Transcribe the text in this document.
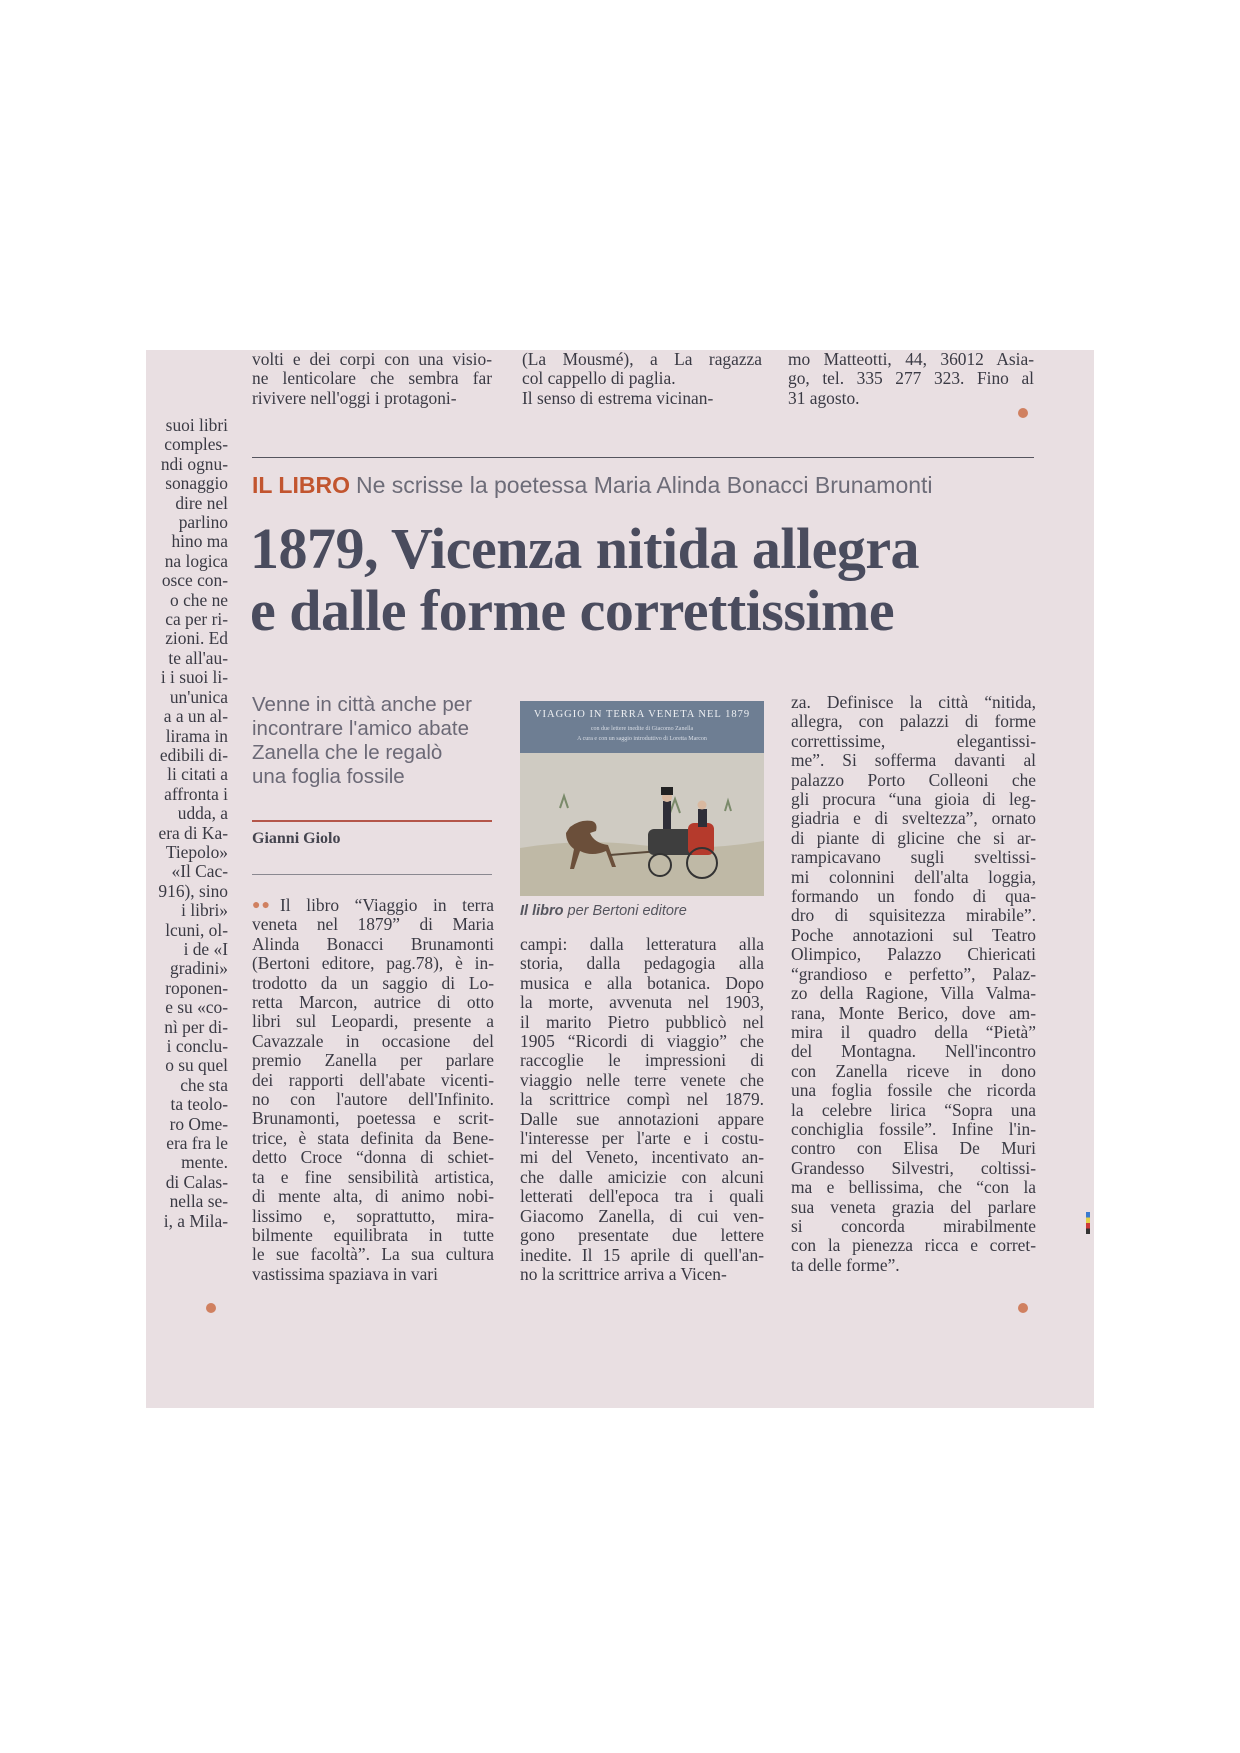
volti e dei corpi con una visio-

ne lenticolare che sembra far

rivivere nell'oggi i protagoni-

(La Mousmé), a La ragazza

col cappello di paglia.

Il senso di estrema vicinan-

mo Matteotti, 44, 36012 Asia-

go, tel. 335 277 323. Fino al

31 agosto.

suoi libri

comples-

ndi ognu-

sonaggio

dire nel

parlino

hino ma

na logica

osce con-

o che ne

ca per ri-

zioni. Ed

te all'au-

i i suoi li-

un'unica

a a un al-

lirama in

edibili di-

li citati a

affronta i

udda, a

era di Ka-

Tiepolo»

«Il Cac-

916), sino

i libri»

lcuni, ol-

i de «I

gradini»

roponen-

e su «co-

nì per di-

i conclu-

o su quel

che sta

ta teolo-

ro Ome-

era fra le

mente.

di Calas-

nella se-

i, a Mila-

IL LIBRO Ne scrisse la poetessa Maria Alinda Bonacci Brunamonti
1879, Vicenza nitida allegra
e dalle forme correttissime
Venne in città anche per
incontrare l'amico abate
Zanella che le regalò
una foglia fossile
Gianni Giolo

Il libro “Viaggio in terra

veneta nel 1879” di Maria

Alinda Bonacci Brunamonti

(Bertoni editore, pag.78), è in-

trodotto da un saggio di Lo-

retta Marcon, autrice di otto

libri sul Leopardi, presente a

Cavazzale in occasione del

premio Zanella per parlare

dei rapporti dell'abate vicenti-

no con l'autore dell'Infinito.

Brunamonti, poetessa e scrit-

trice, è stata definita da Bene-

detto Croce “donna di schiet-

ta e fine sensibilità artistica,

di mente alta, di animo nobi-

lissimo e, soprattutto, mira-

bilmente equilibrata in tutte

le sue facoltà”. La sua cultura

vastissima spaziava in vari

●●

campi: dalla letteratura alla

storia, dalla pedagogia alla

musica e alla botanica. Dopo

la morte, avvenuta nel 1903,

il marito Pietro pubblicò nel

1905 “Ricordi di viaggio” che

raccoglie le impressioni di

viaggio nelle terre venete che

la scrittrice compì nel 1879.

Dalle sue annotazioni appare

l'interesse per l'arte e i costu-

mi del Veneto, incentivato an-

che dalle amicizie con alcuni

letterati dell'epoca tra i quali

Giacomo Zanella, di cui ven-

gono presentate due lettere

inedite. Il 15 aprile di quell'an-

no la scrittrice arriva a Vicen-

za. Definisce la città “nitida,

allegra, con palazzi di forme

correttissime, elegantissi-

me”. Si sofferma davanti al

palazzo Porto Colleoni che

gli procura “una gioia di leg-

giadria e di sveltezza”, ornato

di piante di glicine che si ar-

rampicavano sugli sveltissi-

mi colonnini dell'alta loggia,

formando un fondo di qua-

dro di squisitezza mirabile”.

Poche annotazioni sul Teatro

Olimpico, Palazzo Chiericati

“grandioso e perfetto”, Palaz-

zo della Ragione, Villa Valma-

rana, Monte Berico, dove am-

mira il quadro della “Pietà”

del Montagna. Nell'incontro

con Zanella riceve in dono

una foglia fossile che ricorda

la celebre lirica “Sopra una

conchiglia fossile”. Infine l'in-

contro con Elisa De Muri

Grandesso Silvestri, coltissi-

ma e bellissima, che “con la

sua veneta grazia del parlare

si concorda mirabilmente

con la pienezza ricca e corret-

ta delle forme”.

VIAGGIO IN TERRA VENETA NEL 1879
con due lettere inedite di Giacomo Zanella
A cura e con un saggio introduttivo di Loretta Marcon
Il libro per Bertoni editore
